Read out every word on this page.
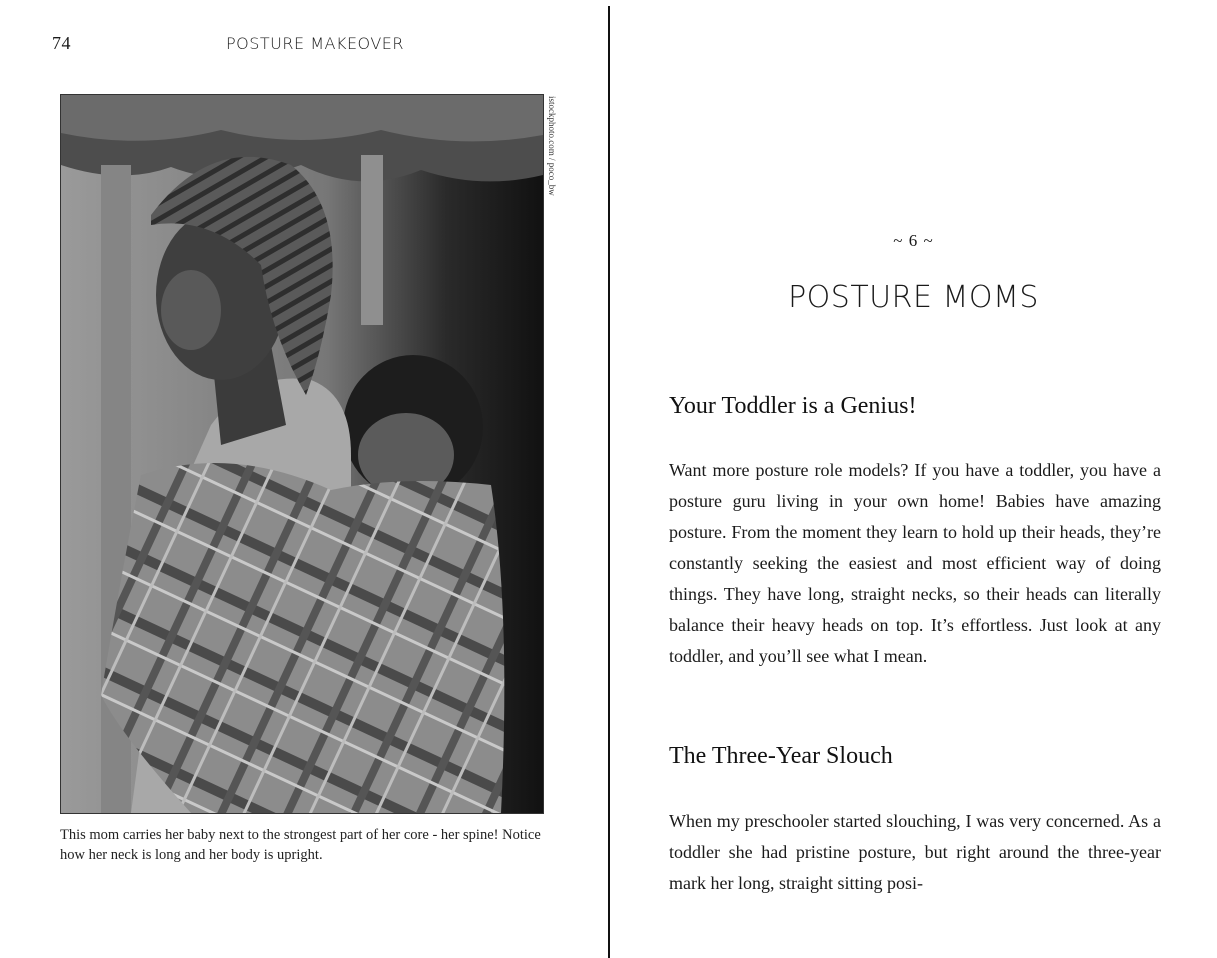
74	POSTURE MAKEOVER
istockphoto.com / poco_bw
This mom carries her baby next to the strongest part of her core - her spine! Notice how her neck is long and her body is upright.
~ 6 ~
POSTURE MOMS
Your Toddler is a Genius!
Want more posture role models? If you have a toddler, you have a posture guru living in your own home! Babies have amazing posture. From the moment they learn to hold up their heads, they’re constantly seeking the easiest and most efficient way of doing things. They have long, straight necks, so their heads can literally balance their heavy heads on top. It’s effortless. Just look at any toddler, and you’ll see what I mean.
The Three-Year Slouch
When my preschooler started slouching, I was very concerned. As a toddler she had pristine posture, but right around the three-year mark her long, straight sitting posi-
